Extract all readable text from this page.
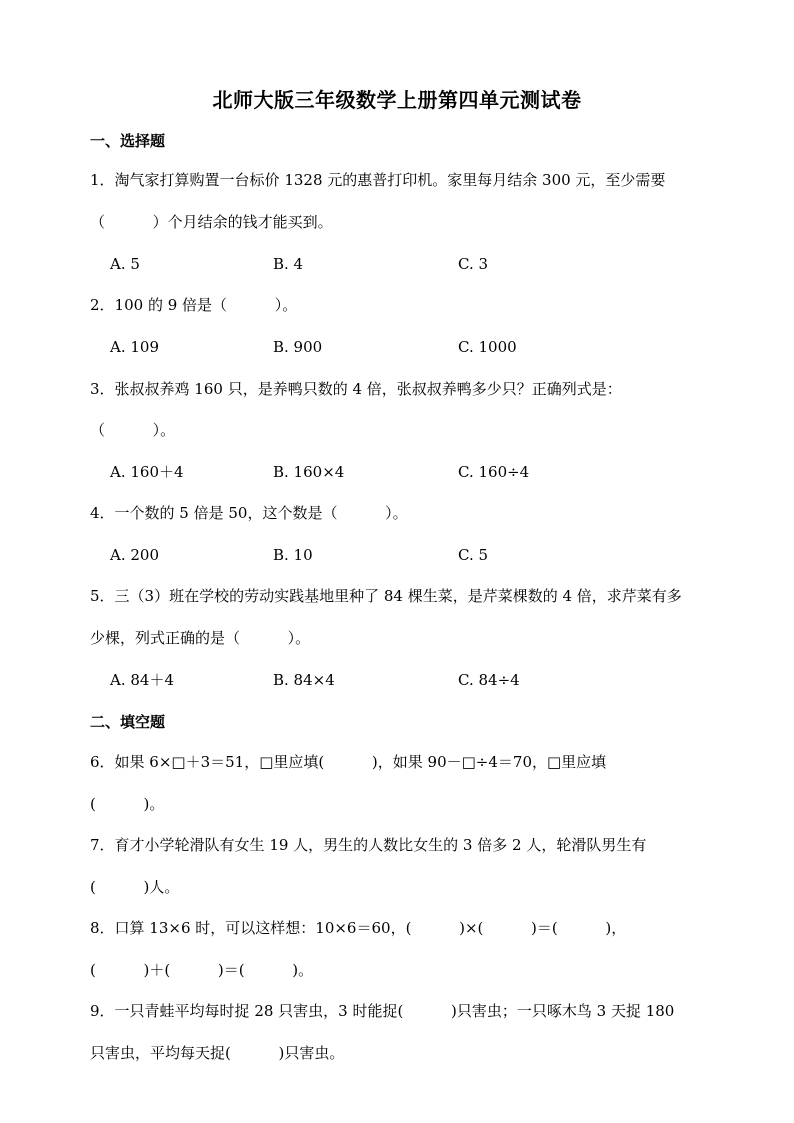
北师大版三年级数学上册第四单元测试卷
一、选择题
1．淘气家打算购置一台标价 1328 元的惠普打印机。家里每月结余 300 元，至少需要
（          ）个月结余的钱才能买到。
A. 5	B. 4	C. 3
2．100 的 9 倍是（          ）。
A. 109	B. 900	C. 1000
3．张叔叔养鸡 160 只，是养鸭只数的 4 倍，张叔叔养鸭多少只？正确列式是：
（          ）。
A. 160＋4	B. 160×4	C. 160÷4
4．一个数的 5 倍是 50，这个数是（          ）。
A. 200	B. 10	C. 5
5．三（3）班在学校的劳动实践基地里种了 84 棵生菜，是芹菜棵数的 4 倍，求芹菜有多
少棵，列式正确的是（          ）。
A. 84＋4	B. 84×4	C. 84÷4
二、填空题
6．如果 6×□＋3＝51，□里应填(          )，如果 90－□÷4＝70，□里应填
(          )。
7．育才小学轮滑队有女生 19 人，男生的人数比女生的 3 倍多 2 人，轮滑队男生有
(          )人。
8．口算 13×6 时，可以这样想：10×6＝60，(          )×(          )＝(          )，
(          )＋(          )＝(          )。
9．一只青蛙平均每时捉 28 只害虫，3 时能捉(          )只害虫；一只啄木鸟 3 天捉 180
只害虫，平均每天捉(          )只害虫。
